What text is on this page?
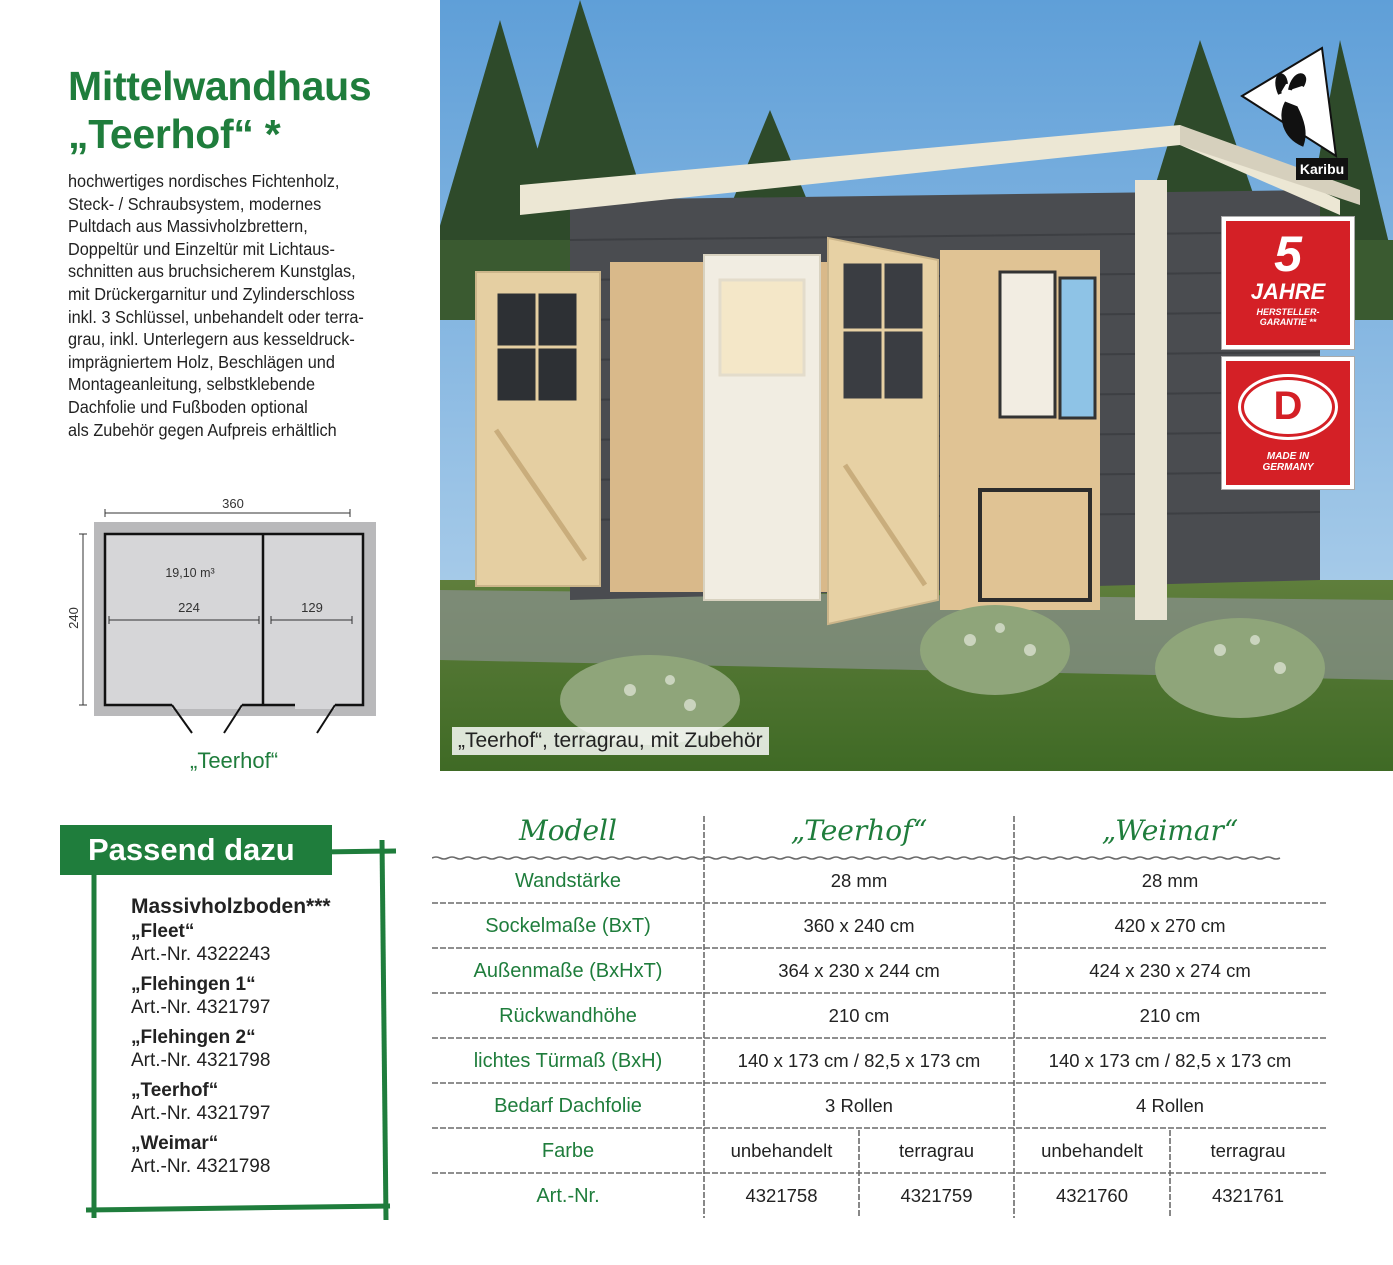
Mittelwandhaus
„Teerhof“ *
hochwertiges nordisches Fichtenholz,
Steck- / Schraubsystem, modernes
Pultdach aus Massivholzbrettern,
Doppeltür und Einzeltür mit Lichtaus-
schnitten aus bruchsicherem Kunstglas,
mit Drückergarnitur und Zylinderschloss
inkl. 3 Schlüssel, unbehandelt oder terra-
grau, inkl. Unterlegern aus kesseldruck-
imprägniertem Holz, Beschlägen und
Montageanleitung, selbstklebende
Dachfolie und Fußboden optional
als Zubehör gegen Aufpreis erhältlich
360
240
19,10 m³
224	129
„Teerhof“
„Teerhof“, terragrau, mit Zubehör
Karibu
5
JAHRE
HERSTELLER-
GARANTIE **
D
MADE IN
GERMANY
Passend dazu
Massivholzboden***
„Fleet“
Art.-Nr. 4322243
„Flehingen 1“
Art.-Nr. 4321797
„Flehingen 2“
Art.-Nr. 4321798
„Teerhof“
Art.-Nr. 4321797
„Weimar“
Art.-Nr. 4321798
Modell	„Teerhof“	„Weimar“
Wandstärke	28 mm	28 mm
Sockelmaße (BxT)	360 x 240 cm	420 x 270 cm
Außenmaße (BxHxT)	364 x 230 x 244 cm	424 x 230 x 274 cm
Rückwandhöhe	210 cm	210 cm
lichtes Türmaß (BxH)	140 x 173 cm / 82,5 x 173 cm	140 x 173 cm / 82,5 x 173 cm
Bedarf Dachfolie	3 Rollen	4 Rollen
Farbe	unbehandelt	terragrau	unbehandelt	terragrau
Art.-Nr.	4321758	4321759	4321760	4321761
